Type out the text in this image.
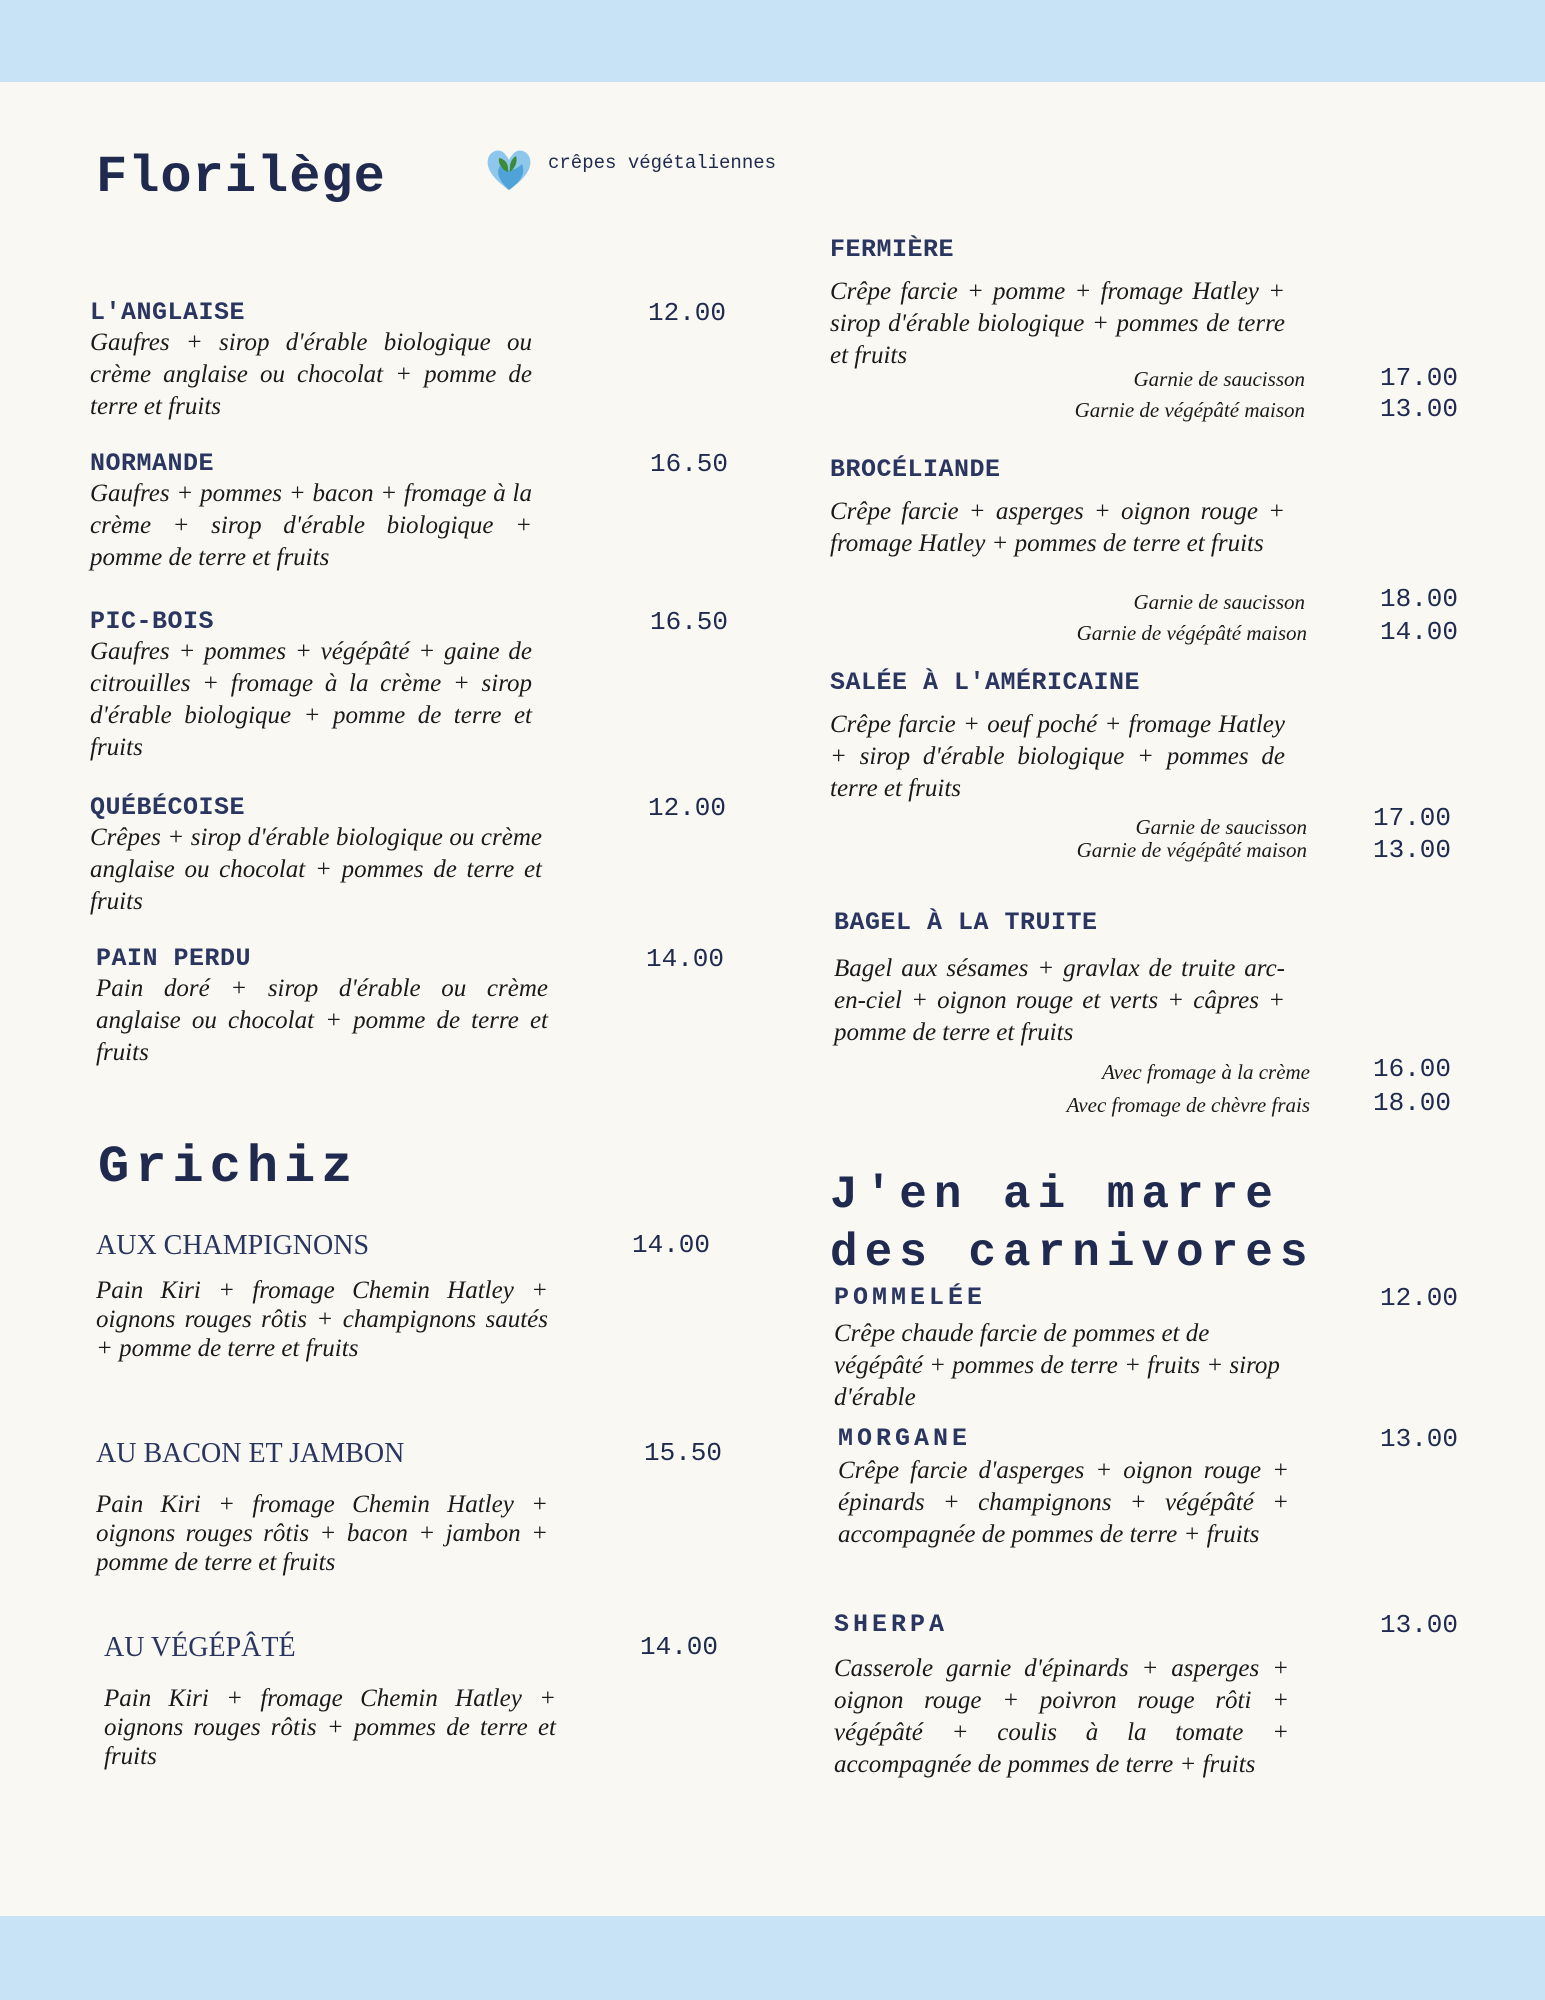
Florilège	crêpes végétaliennes
L'ANGLAISE	12.00
Gaufres + sirop d'érable biologique ou crème anglaise ou chocolat + pomme de terre et fruits
NORMANDE	16.50
Gaufres + pommes + bacon + fromage à la crème + sirop d'érable biologique + pomme de terre et fruits
PIC-BOIS	16.50
Gaufres + pommes + végépâté + gaine de citrouilles + fromage à la crème + sirop d'érable biologique + pomme de terre et fruits
QUÉBÉCOISE	12.00
Crêpes + sirop d'érable biologique ou crème anglaise ou chocolat + pommes de terre et fruits
PAIN PERDU	14.00
Pain doré + sirop d'érable ou crème anglaise ou chocolat + pomme de terre et fruits
FERMIÈRE
Crêpe farcie + pomme + fromage Hatley + sirop d'érable biologique + pommes de terre et fruits
Garnie de saucisson	17.00
Garnie de végépâté maison	13.00
BROCÉLIANDE
Crêpe farcie + asperges + oignon rouge + fromage Hatley + pommes de terre et fruits
Garnie de saucisson	18.00
Garnie de végépâté maison	14.00
SALÉE À L'AMÉRICAINE
Crêpe farcie + oeuf poché + fromage Hatley + sirop d'érable biologique + pommes de terre et fruits
Garnie de saucisson	17.00
Garnie de végépâté maison	13.00
BAGEL À LA TRUITE
Bagel aux sésames + gravlax de truite arc-en-ciel + oignon rouge et verts + câpres + pomme de terre et fruits
Avec fromage à la crème 16.00
Avec fromage de chèvre frais 18.00
Grichiz
AUX CHAMPIGNONS	14.00
Pain Kiri + fromage Chemin Hatley + oignons rouges rôtis + champignons sautés + pomme de terre et fruits
AU BACON ET JAMBON	15.50
Pain Kiri + fromage Chemin Hatley + oignons rouges rôtis + bacon + jambon + pomme de terre et fruits
AU VÉGÉPÂTÉ	14.00
Pain Kiri + fromage Chemin Hatley + oignons rouges rôtis + pommes de terre et fruits
J'en ai marre
des carnivores
POMMELÉE	12.00
Crêpe chaude farcie de pommes et de végépâté + pommes de terre + fruits + sirop d'érable
MORGANE	13.00
Crêpe farcie d'asperges + oignon rouge + épinards + champignons + végépâté + accompagnée de pommes de terre + fruits
SHERPA	13.00
Casserole garnie d'épinards + asperges + oignon rouge + poivron rouge rôti + végépâté + coulis à la tomate + accompagnée de pommes de terre + fruits
